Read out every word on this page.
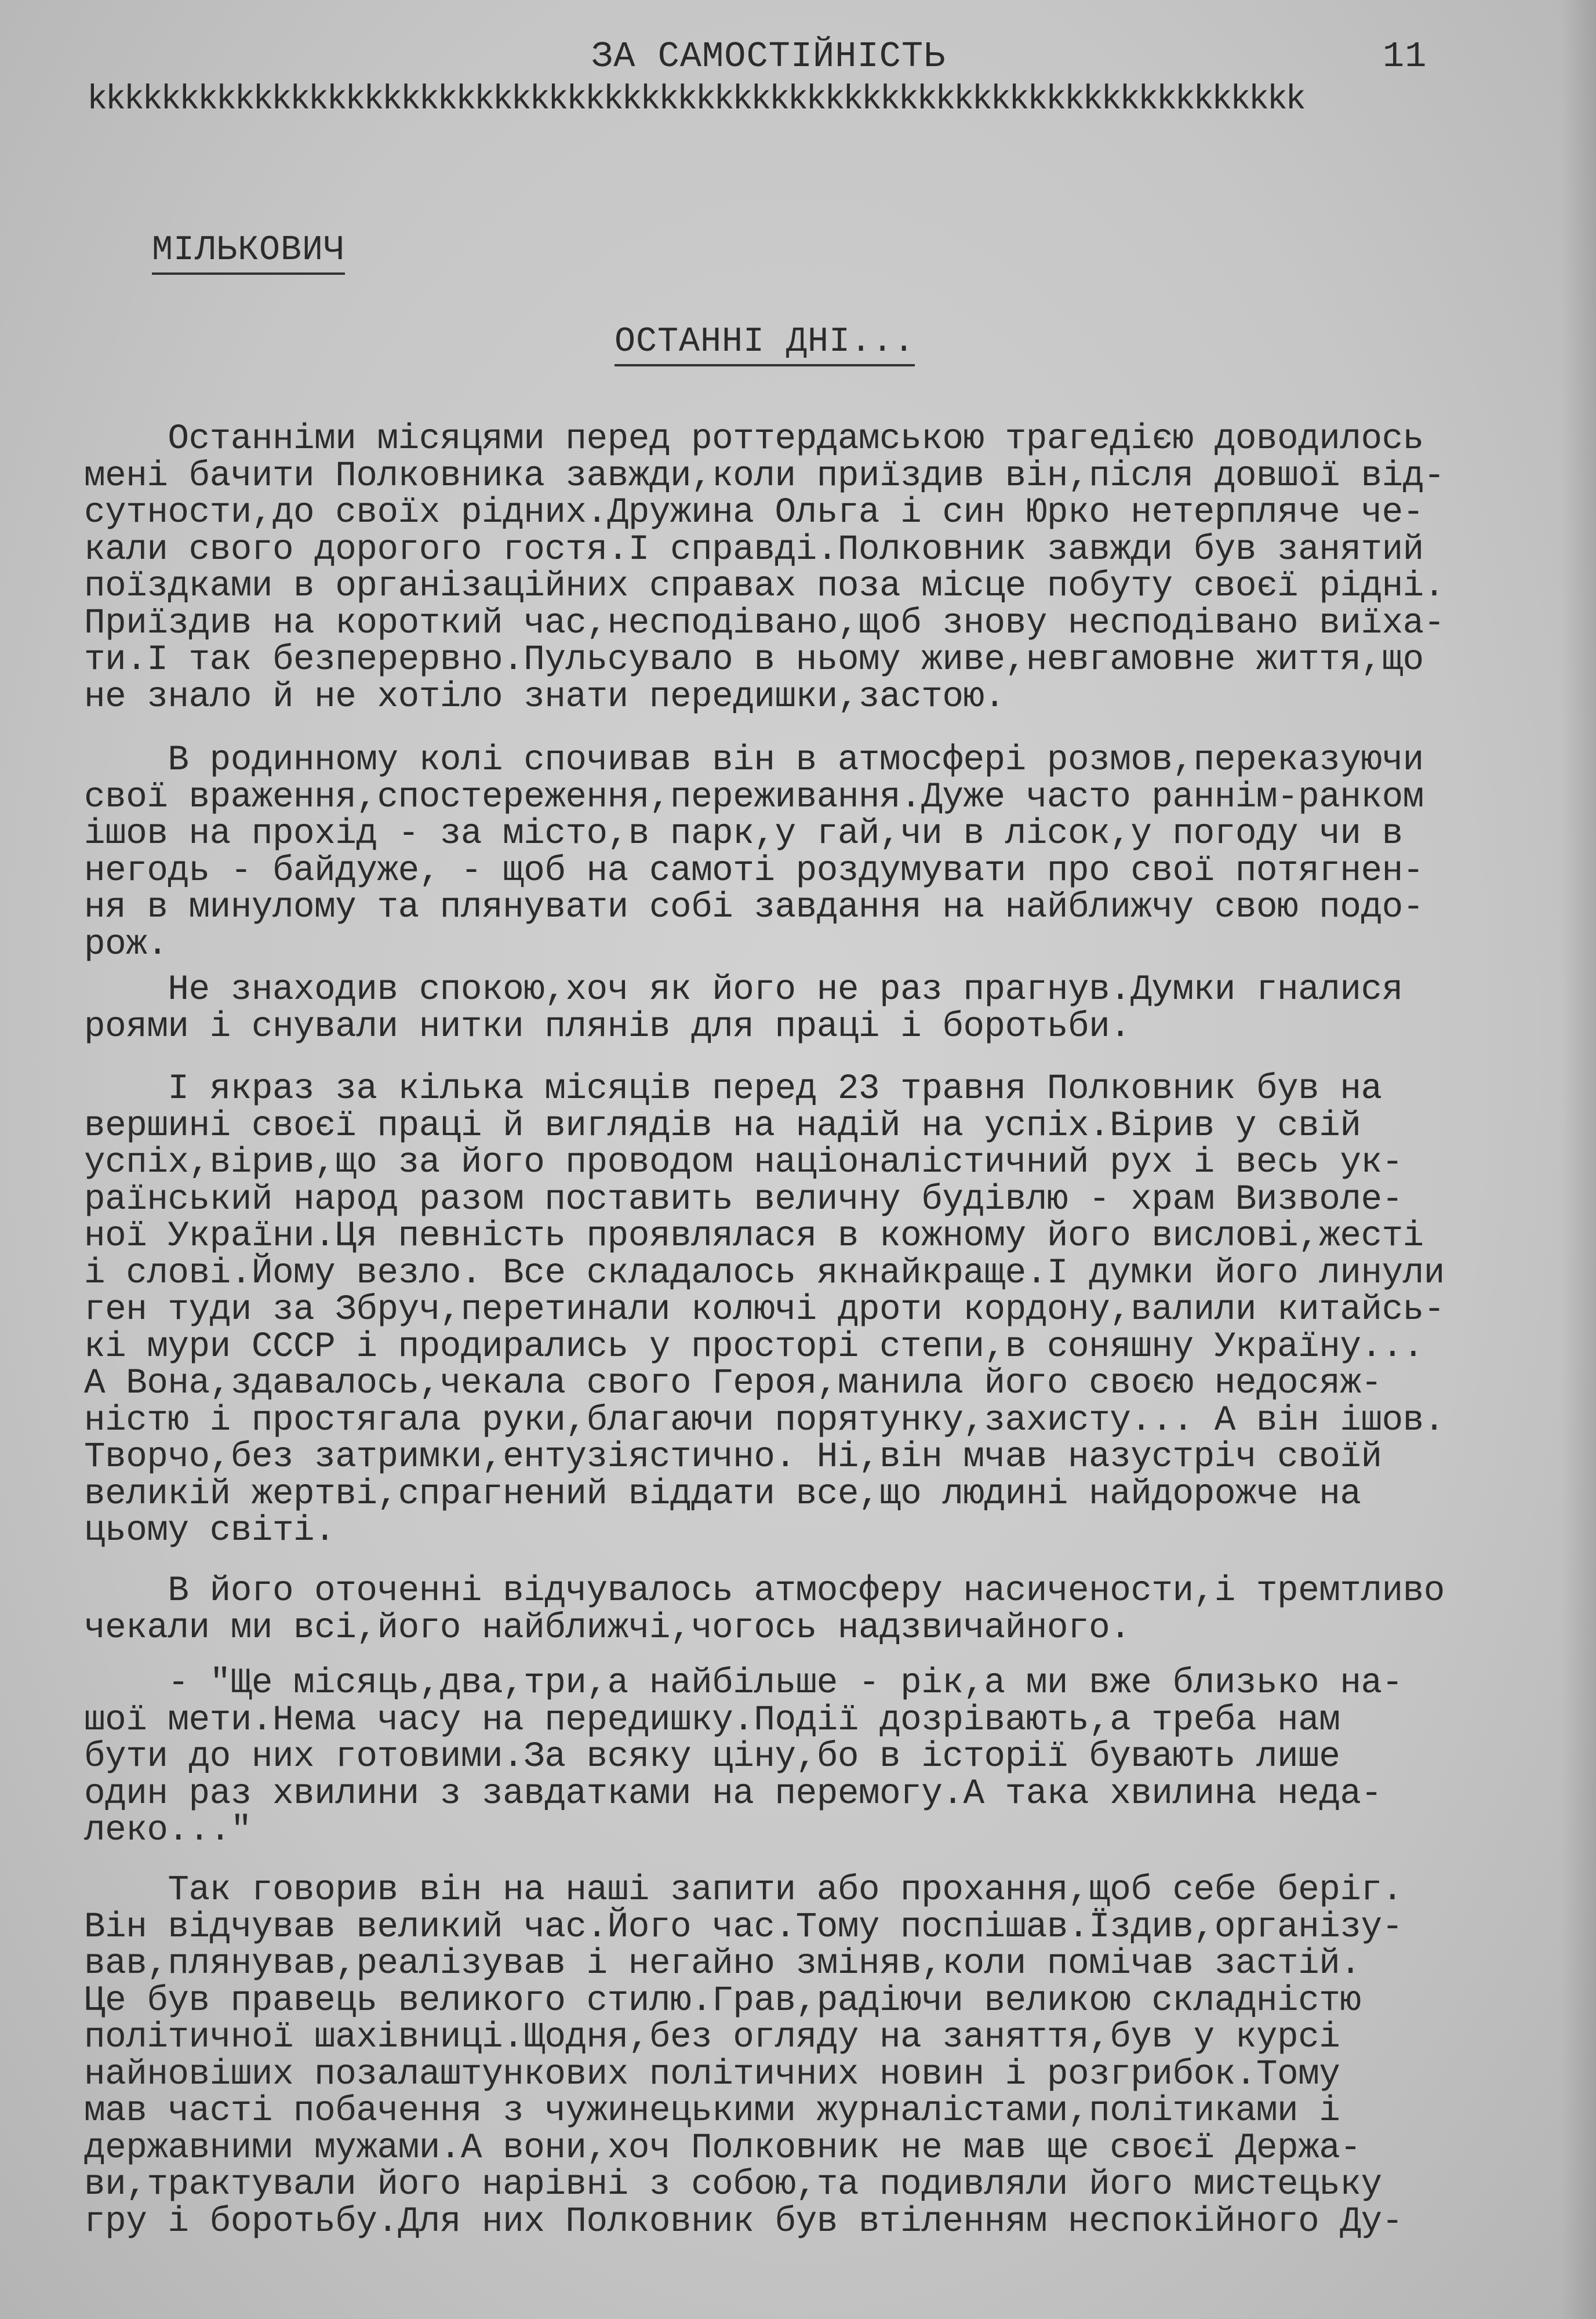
ЗА САМОСТІЙНІСТЬ	11
kkkkkkkkkkkkkkkkkkkkkkkkkkkkkkkkkkkkkkkkkkkkkkkkkkkkkkkkkkkkkkkkkk
МІЛЬКОВИЧ
ОСТАННІ ДНІ...
Останніми місяцями перед роттердамською трагедією доводилось
мені бачити Полковника завжди,коли приїздив він,після довшої від-
сутности,до своїх рідних.Дружина Ольга і син Юрко нетерпляче че-
кали свого дорогого гостя.І справді.Полковник завжди був занятий
поїздками в організаційних справах поза місце побуту своєї рідні.
Приїздив на короткий час,несподівано,щоб знову несподівано виїха-
ти.І так безперервно.Пульсувало в ньому живе,невгамовне життя,що
не знало й не хотіло знати передишки,застою.
В родинному колі спочивав він в атмосфері розмов,переказуючи
свої враження,спостереження,переживання.Дуже часто раннім-ранком
ішов на прохід - за місто,в парк,у гай,чи в лісок,у погоду чи в
негодь - байдуже, - щоб на самоті роздумувати про свої потягнен-
ня в минулому та плянувати собі завдання на найближчу свою подо-
рож.
Не знаходив спокою,хоч як його не раз прагнув.Думки гналися
роями і снували нитки плянів для праці і боротьби.
І якраз за кілька місяців перед 23 травня Полковник був на
вершині своєї праці й виглядів на надій на успіх.Вірив у свій
успіх,вірив,що за його проводом націоналістичний рух і весь ук-
раїнський народ разом поставить величну будівлю - храм Визволе-
ної України.Ця певність проявлялася в кожному його вислові,жесті
і слові.Йому везло. Все складалось якнайкраще.І думки його линули
ген туди за Збруч,перетинали колючі дроти кордону,валили китайсь-
кі мури СССР і продирались у просторі степи,в соняшну Україну...
А Вона,здавалось,чекала свого Героя,манила його своєю недосяж-
ністю і простягала руки,благаючи порятунку,захисту... А він ішов.
Творчо,без затримки,ентузіястично. Ні,він мчав назустріч своїй
великій жертві,спрагнений віддати все,що людині найдорожче на
цьому світі.
В його оточенні відчувалось атмосферу насичености,і тремтливо
чекали ми всі,його найближчі,чогось надзвичайного.
- "Ще місяць,два,три,а найбільше - рік,а ми вже близько на-
шої мети.Нема часу на передишку.Події дозрівають,а треба нам
бути до них готовими.За всяку ціну,бо в історії бувають лише
один раз хвилини з завдатками на перемогу.А така хвилина неда-
леко..."
Так говорив він на наші запити або прохання,щоб себе беріг.
Він відчував великий час.Його час.Тому поспішав.Їздив,організу-
вав,плянував,реалізував і негайно зміняв,коли помічав застій.
Це був правець великого стилю.Грав,радіючи великою складністю
політичної шахівниці.Щодня,без огляду на заняття,був у курсі
найновіших позалаштункових політичних новин і розгрибок.Тому
мав часті побачення з чужинецькими журналістами,політиками і
державними мужами.А вони,хоч Полковник не мав ще своєї Держа-
ви,трактували його нарівні з собою,та подивляли його мистецьку
гру і боротьбу.Для них Полковник був втіленням неспокійного Ду-
